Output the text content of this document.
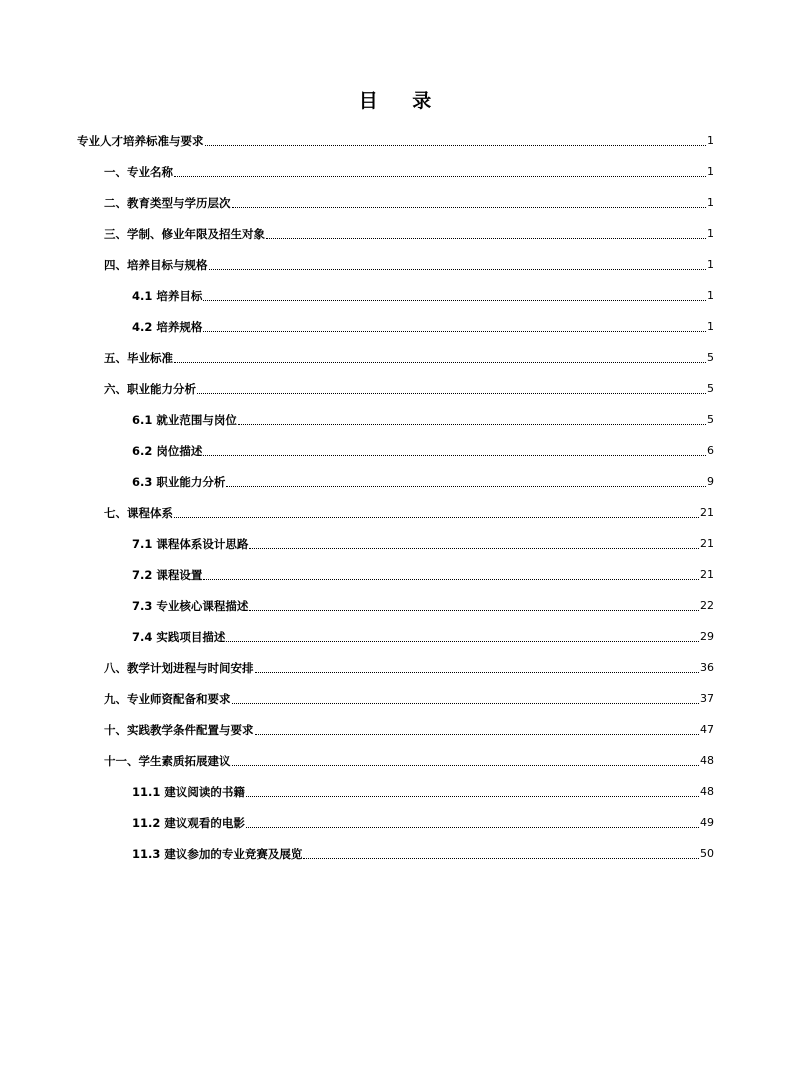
目 录
专业人才培养标准与要求	1
一、专业名称	1
二、教育类型与学历层次	1
三、学制、修业年限及招生对象	1
四、培养目标与规格	1
4.1 培养目标	1
4.2 培养规格	1
五、毕业标准	5
六、职业能力分析	5
6.1 就业范围与岗位	5
6.2 岗位描述	6
6.3 职业能力分析	9
七、课程体系	21
7.1 课程体系设计思路	21
7.2 课程设置	21
7.3 专业核心课程描述	22
7.4 实践项目描述	29
八、教学计划进程与时间安排	36
九、专业师资配备和要求	37
十、实践教学条件配置与要求	47
十一、学生素质拓展建议	48
11.1 建议阅读的书籍	48
11.2 建议观看的电影	49
11.3 建议参加的专业竞赛及展览	50
